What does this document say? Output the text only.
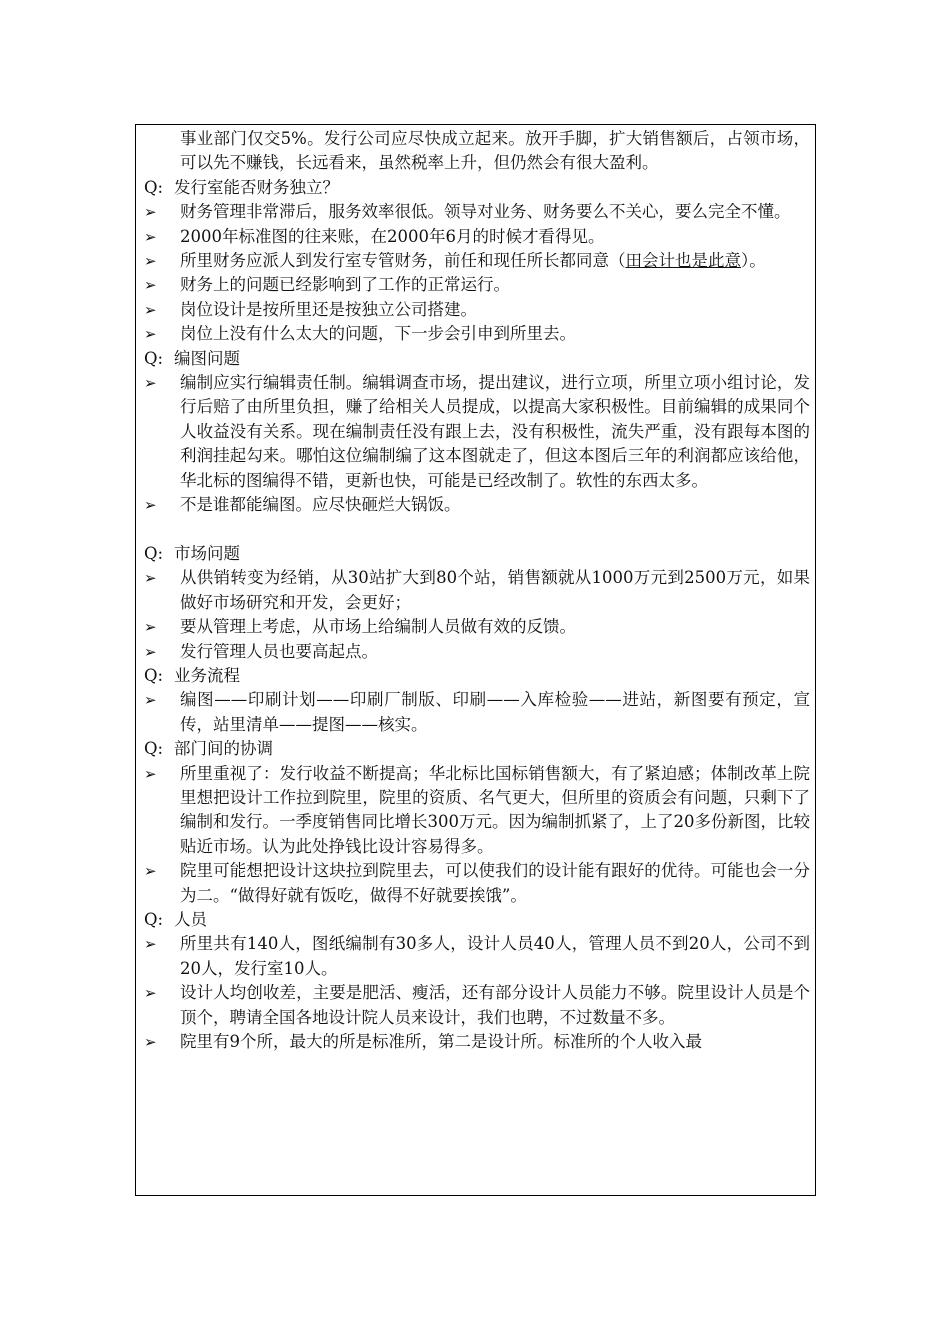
事业部门仅交5%。发行公司应尽快成立起来。放开手脚，扩大销售额后，占领市场，可以先不赚钱，长远看来，虽然税率上升，但仍然会有很大盈利。
Q: 发行室能否财务独立？
➢	财务管理非常滞后，服务效率很低。领导对业务、财务要么不关心，要么完全不懂。
➢	2000年标准图的往来账，在2000年6月的时候才看得见。
➢	所里财务应派人到发行室专管财务，前任和现任所长都同意（田会计也是此意）。
➢	财务上的问题已经影响到了工作的正常运行。
➢	岗位设计是按所里还是按独立公司搭建。
➢	岗位上没有什么太大的问题，下一步会引申到所里去。
Q: 编图问题
➢	编制应实行编辑责任制。编辑调查市场，提出建议，进行立项，所里立项小组讨论，发行后赔了由所里负担，赚了给相关人员提成，以提高大家积极性。目前编辑的成果同个人收益没有关系。现在编制责任没有跟上去，没有积极性，流失严重，没有跟每本图的利润挂起勾来。哪怕这位编制编了这本图就走了，但这本图后三年的利润都应该给他，华北标的图编得不错，更新也快，可能是已经改制了。软性的东西太多。
➢	不是谁都能编图。应尽快砸烂大锅饭。
Q: 市场问题
➢	从供销转变为经销，从30站扩大到80个站，销售额就从1000万元到2500万元，如果做好市场研究和开发，会更好；
➢	要从管理上考虑，从市场上给编制人员做有效的反馈。
➢	发行管理人员也要高起点。
Q: 业务流程
➢	编图——印刷计划——印刷厂制版、印刷——入库检验——进站，新图要有预定，宣传，站里清单——提图——核实。
Q: 部门间的协调
➢	所里重视了：发行收益不断提高；华北标比国标销售额大，有了紧迫感；体制改革上院里想把设计工作拉到院里，院里的资质、名气更大，但所里的资质会有问题，只剩下了编制和发行。一季度销售同比增长300万元。因为编制抓紧了，上了20多份新图，比较贴近市场。认为此处挣钱比设计容易得多。
➢	院里可能想把设计这块拉到院里去，可以使我们的设计能有跟好的优待。可能也会一分为二。“做得好就有饭吃，做得不好就要挨饿”。
Q: 人员
➢	所里共有140人，图纸编制有30多人，设计人员40人，管理人员不到20人，公司不到20人，发行室10人。
➢	设计人均创收差，主要是肥活、瘦活，还有部分设计人员能力不够。院里设计人员是个顶个，聘请全国各地设计院人员来设计，我们也聘，不过数量不多。
➢	院里有9个所，最大的所是标准所，第二是设计所。标准所的个人收入最
